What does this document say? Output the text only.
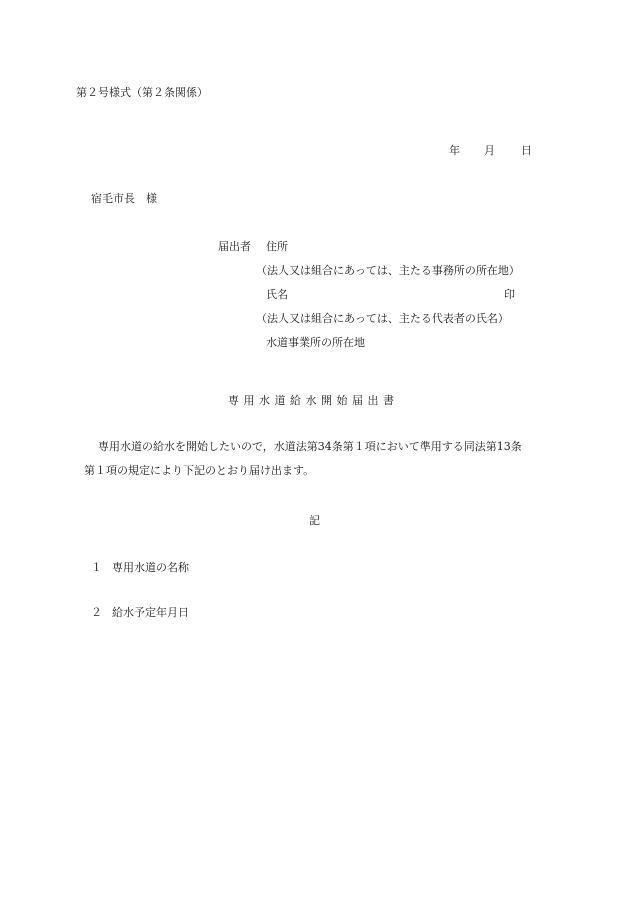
第２号様式（第２条関係）
年 月 日
宿毛市長　様
届出者 住所
（法人又は組合にあっては、主たる事務所の所在地）
氏名	印
（法人又は組合にあっては、主たる代表者の氏名）
水道事業所の所在地
専用水道給水開始届出書
専用水道の給水を開始したいので，水道法第34条第１項において準用する同法第13条
第１項の規定により下記のとおり届け出ます。
記
１ 専用水道の名称
２ 給水予定年月日
